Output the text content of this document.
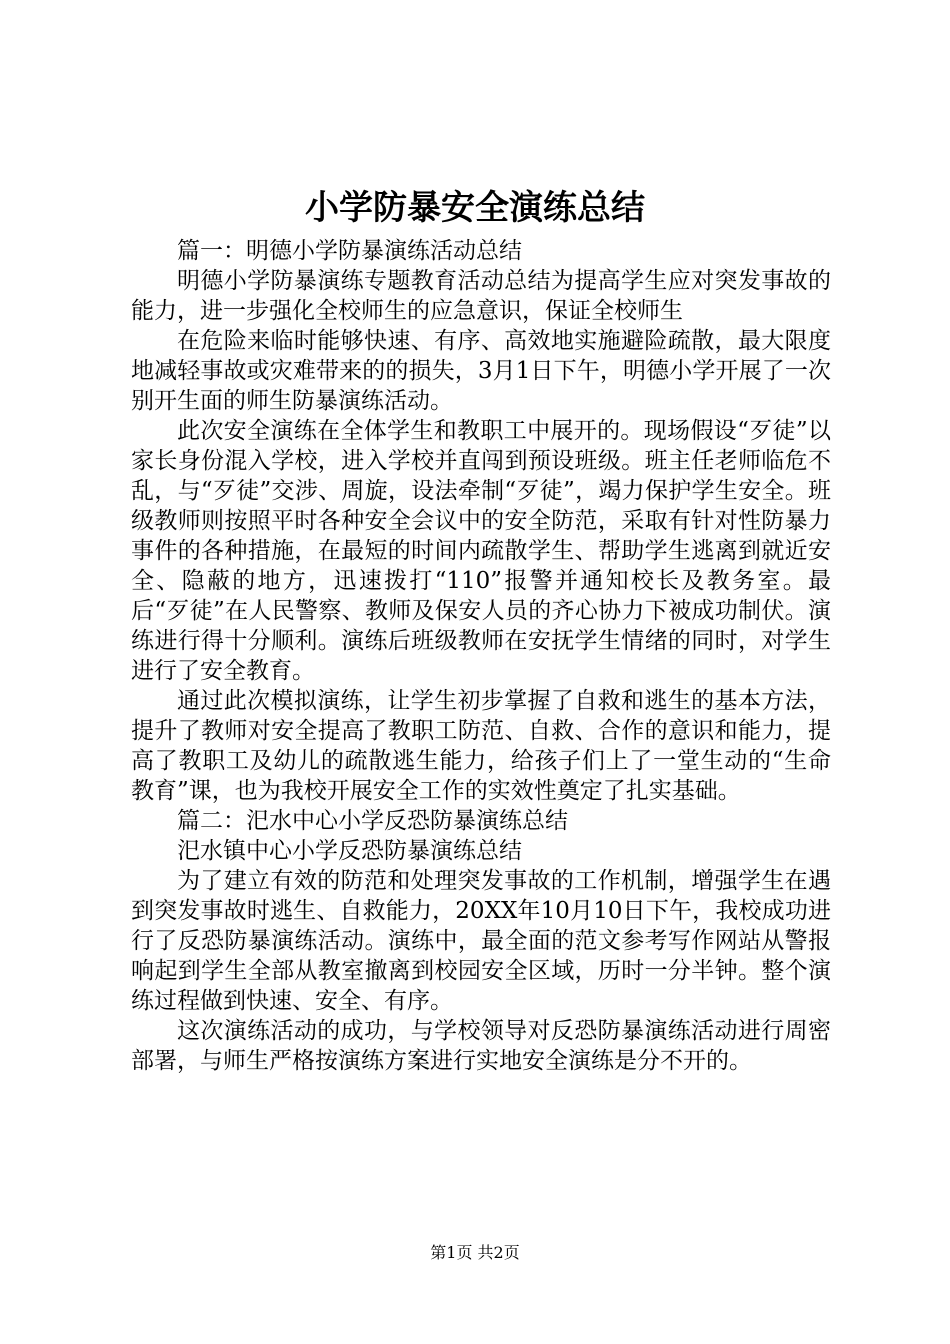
小学防暴安全演练总结

篇一：明德小学防暴演练活动总结

明德小学防暴演练专题教育活动总结为提高学生应对突发事故的能力，进一步强化全校师生的应急意识，保证全校师生

在危险来临时能够快速、有序、高效地实施避险疏散，最大限度地减轻事故或灾难带来的的损失，3月1日下午，明德小学开展了一次别开生面的师生防暴演练活动。

此次安全演练在全体学生和教职工中展开的。现场假设“歹徒”以家长身份混入学校，进入学校并直闯到预设班级。班主任老师临危不乱，与“歹徒”交涉、周旋，设法牵制“歹徒”，竭力保护学生安全。班级教师则按照平时各种安全会议中的安全防范，采取有针对性防暴力事件的各种措施，在最短的时间内疏散学生、帮助学生逃离到就近安全、隐蔽的地方，迅速拨打“110”报警并通知校长及教务室。最后“歹徒”在人民警察、教师及保安人员的齐心协力下被成功制伏。演练进行得十分顺利。演练后班级教师在安抚学生情绪的同时，对学生进行了安全教育。

通过此次模拟演练，让学生初步掌握了自救和逃生的基本方法，提升了教师对安全提高了教职工防范、自救、合作的意识和能力，提高了教职工及幼儿的疏散逃生能力，给孩子们上了一堂生动的“生命教育”课，也为我校开展安全工作的实效性奠定了扎实基础。

篇二：汜水中心小学反恐防暴演练总结

汜水镇中心小学反恐防暴演练总结

为了建立有效的防范和处理突发事故的工作机制，增强学生在遇到突发事故时逃生、自救能力，20XX年10月10日下午，我校成功进行了反恐防暴演练活动。演练中，最全面的范文参考写作网站从警报响起到学生全部从教室撤离到校园安全区域，历时一分半钟。整个演练过程做到快速、安全、有序。

这次演练活动的成功，与学校领导对反恐防暴演练活动进行周密部署，与师生严格按演练方案进行实地安全演练是分不开的。

第1页 共2页
